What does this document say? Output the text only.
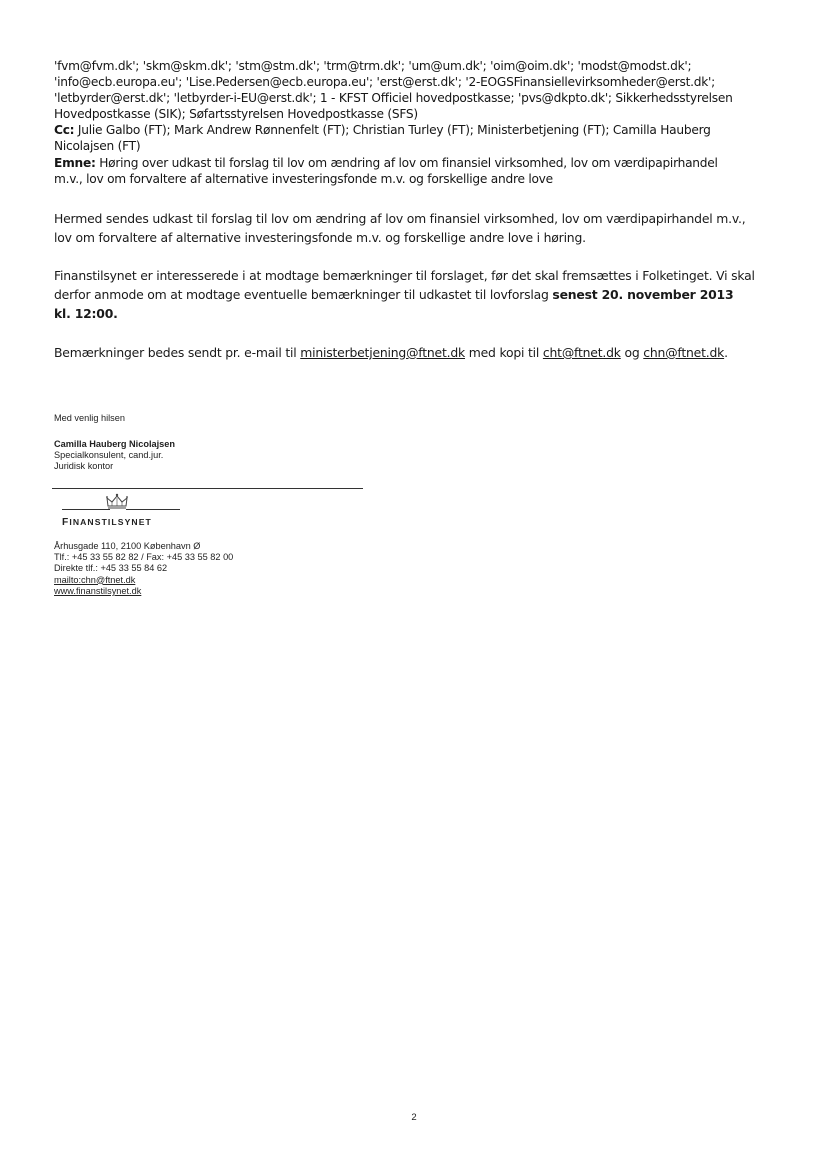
'fvm@fvm.dk'; 'skm@skm.dk'; 'stm@stm.dk'; 'trm@trm.dk'; 'um@um.dk'; 'oim@oim.dk'; 'modst@modst.dk';
'info@ecb.europa.eu'; 'Lise.Pedersen@ecb.europa.eu'; 'erst@erst.dk'; '2-EOGSFinansiellevirksomheder@erst.dk';
'letbyrder@erst.dk'; 'letbyrder-i-EU@erst.dk'; 1 - KFST Officiel hovedpostkasse; 'pvs@dkpto.dk'; Sikkerhedsstyrelsen
Hovedpostkasse (SIK); Søfartsstyrelsen Hovedpostkasse (SFS)
Cc: Julie Galbo (FT); Mark Andrew Rønnenfelt (FT); Christian Turley (FT); Ministerbetjening (FT); Camilla Hauberg
Nicolajsen (FT)
Emne: Høring over udkast til forslag til lov om ændring af lov om finansiel virksomhed, lov om værdipapirhandel
m.v., lov om forvaltere af alternative investeringsfonde m.v. og forskellige andre love
Hermed sendes udkast til forslag til lov om ændring af lov om finansiel virksomhed, lov om værdipapirhandel m.v.,
lov om forvaltere af alternative investeringsfonde m.v. og forskellige andre love i høring.
Finanstilsynet er interesserede i at modtage bemærkninger til forslaget, før det skal fremsættes i Folketinget. Vi skal
derfor anmode om at modtage eventuelle bemærkninger til udkastet til lovforslag senest 20. november 2013
kl. 12:00.
Bemærkninger bedes sendt pr. e-mail til ministerbetjening@ftnet.dk med kopi til cht@ftnet.dk og chn@ftnet.dk.
Med venlig hilsen
Camilla Hauberg Nicolajsen
Specialkonsulent, cand.jur.
Juridisk kontor
FINANSTILSYNET
Århusgade 110, 2100 København Ø
Tlf.: +45 33 55 82 82 / Fax: +45 33 55 82 00
Direkte tlf.: +45 33 55 84 62
mailto:chn@ftnet.dk
www.finanstilsynet.dk
2
